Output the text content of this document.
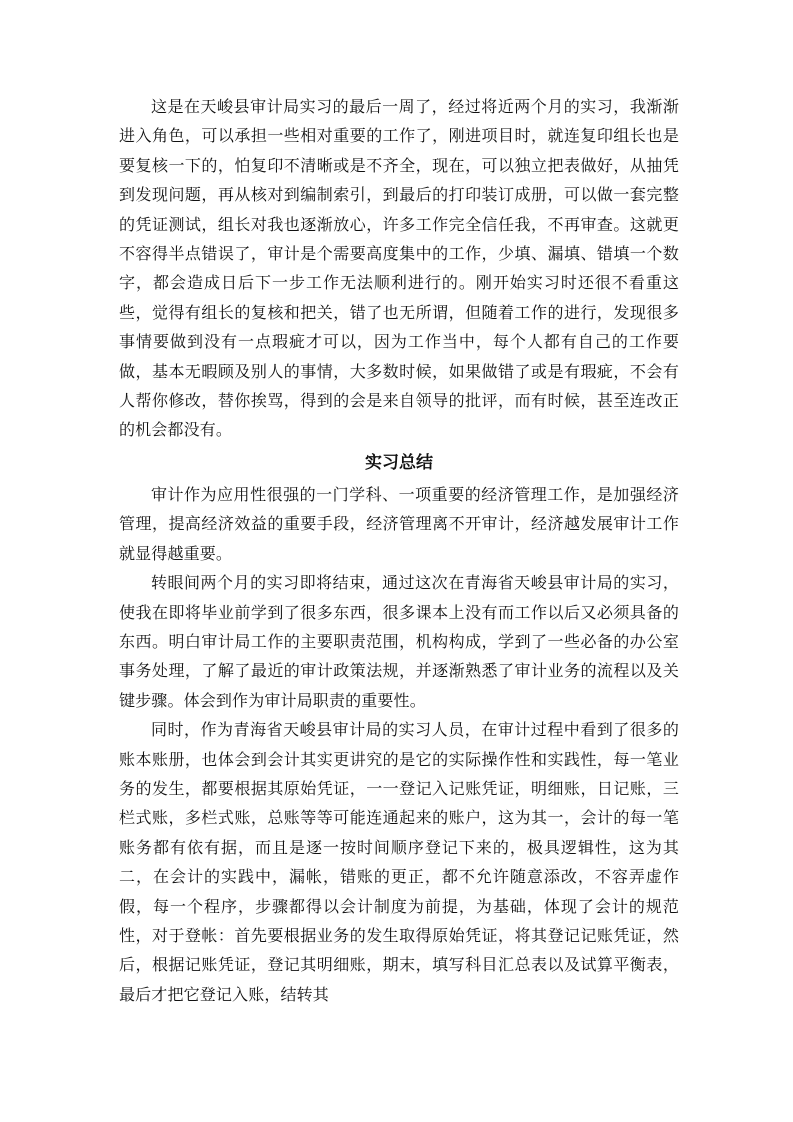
这是在天峻县审计局实习的最后一周了，经过将近两个月的实习，我渐渐进入角色，可以承担一些相对重要的工作了，刚进项目时，就连复印组长也是要复核一下的，怕复印不清晰或是不齐全，现在，可以独立把表做好，从抽凭到发现问题，再从核对到编制索引，到最后的打印装订成册，可以做一套完整的凭证测试，组长对我也逐渐放心，许多工作完全信任我，不再审查。这就更不容得半点错误了，审计是个需要高度集中的工作，少填、漏填、错填一个数字，都会造成日后下一步工作无法顺利进行的。刚开始实习时还很不看重这些，觉得有组长的复核和把关，错了也无所谓，但随着工作的进行，发现很多事情要做到没有一点瑕疵才可以，因为工作当中，每个人都有自己的工作要做，基本无暇顾及别人的事情，大多数时候，如果做错了或是有瑕疵，不会有人帮你修改，替你挨骂，得到的会是来自领导的批评，而有时候，甚至连改正的机会都没有。

实习总结

审计作为应用性很强的一门学科、一项重要的经济管理工作，是加强经济管理，提高经济效益的重要手段，经济管理离不开审计，经济越发展审计工作就显得越重要。

转眼间两个月的实习即将结束，通过这次在青海省天峻县审计局的实习，使我在即将毕业前学到了很多东西，很多课本上没有而工作以后又必须具备的东西。明白审计局工作的主要职责范围，机构构成，学到了一些必备的办公室事务处理，了解了最近的审计政策法规，并逐渐熟悉了审计业务的流程以及关键步骤。体会到作为审计局职责的重要性。

同时，作为青海省天峻县审计局的实习人员，在审计过程中看到了很多的账本账册，也体会到会计其实更讲究的是它的实际操作性和实践性，每一笔业务的发生，都要根据其原始凭证，一一登记入记账凭证，明细账，日记账，三栏式账，多栏式账，总账等等可能连通起来的账户，这为其一，会计的每一笔账务都有依有据，而且是逐一按时间顺序登记下来的，极具逻辑性，这为其二，在会计的实践中，漏帐，错账的更正，都不允许随意添改，不容弄虚作假，每一个程序，步骤都得以会计制度为前提，为基础，体现了会计的规范性，对于登帐：首先要根据业务的发生取得原始凭证，将其登记记账凭证，然后，根据记账凭证，登记其明细账，期末，填写科目汇总表以及试算平衡表，最后才把它登记入账，结转其
